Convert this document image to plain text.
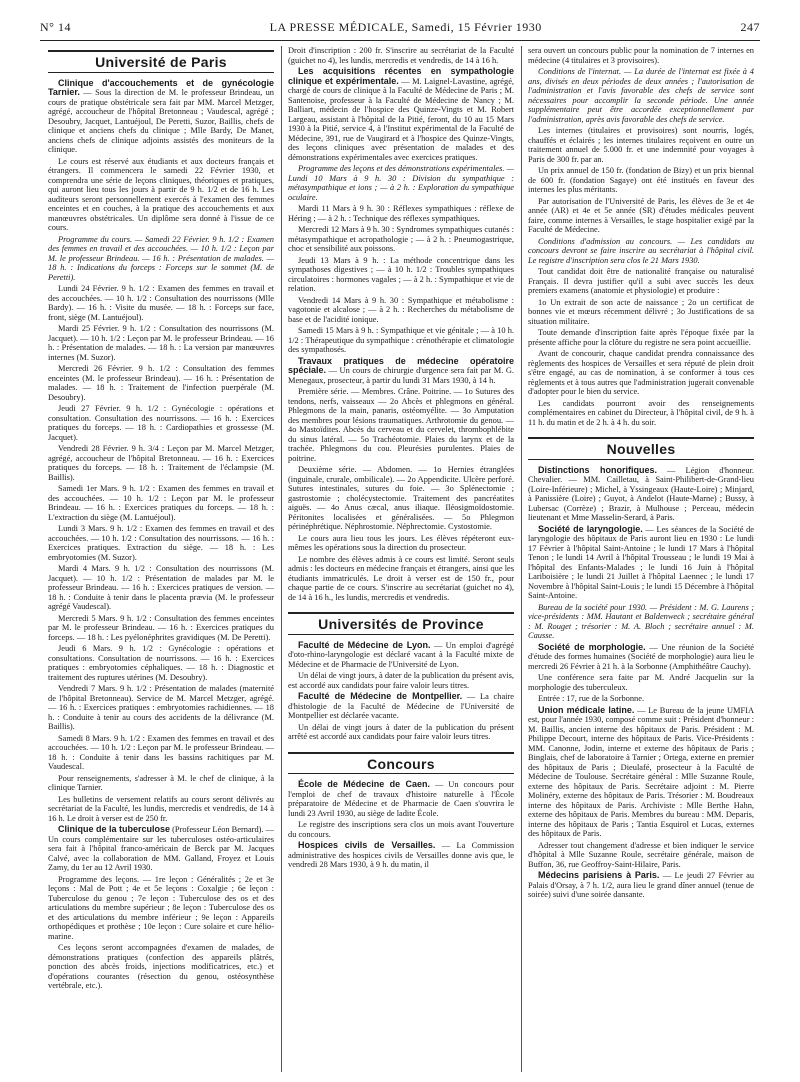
N° 14	LA PRESSE MÉDICALE, Samedi, 15 Février 1930	247
Université de Paris

Clinique d'accouchements et de gynécologie Tarnier. — Sous la direction de M. le professeur Brindeau, un cours de pratique obstétricale sera fait par MM. Marcel Metzger, agrégé, accoucheur de l'hôpital Bretonneau ; Vaudescal, agrégé ; Desoubry, Jacquet, Lantuéjoul, De Peretti, Suzor, Baillis, chefs de clinique et anciens chefs du clinique ; Mlle Bardy, De Manet, anciens chefs de clinique adjoints assistés des moniteurs de la clinique.

Le cours est réservé aux étudiants et aux docteurs français et étrangers. Il commencera le samedi 22 Février 1930, et comprendra une série de leçons cliniques, théoriques et pratiques, qui auront lieu tous les jours à partir de 9 h. 1/2 et de 16 h. Les auditeurs seront personnellement exercés à l'examen des femmes enceintes et en couches, à la pratique des accouchements et aux manœuvres obstétricales. Un diplôme sera donné à l'issue de ce cours.

Programme du cours. — Samedi 22 Février. 9 h. 1/2 : Examen des femmes en travail et des accouchées. — 10 h. 1/2 : Leçon par M. le professeur Brindeau. — 16 h. : Présentation de malades. — 18 h. : Indications du forceps : Forceps sur le sommet (M. de Peretti).

Lundi 24 Février. 9 h. 1/2 : Examen des femmes en travail et des accouchées. — 10 h. 1/2 : Consultation des nourrissons (Mlle Bardy). — 16 h. : Visite du musée. — 18 h. : Forceps sur face, front, siège (M. Lantuéjoul).

Mardi 25 Février. 9 h. 1/2 : Consultation des nourrissons (M. Jacquet). — 10 h. 1/2 : Leçon par M. le professeur Brindeau. — 16 h. : Présentation de malades. — 18 h. : La version par manœuvres internes (M. Suzor).

Mercredi 26 Février. 9 h. 1/2 : Consultation des femmes enceintes (M. le professeur Brindeau). — 16 h. : Présentation de malades. — 18 h. : Traitement de l'infection puerpérale (M. Desoubry).

Jeudi 27 Février. 9 h. 1/2 : Gynécologie : opérations et consultation. Consultation des nourrissons. — 16 h. : Exercices pratiques du forceps. — 18 h. : Cardiopathies et grossesse (M. Jacquet).

Vendredi 28 Février. 9 h. 3/4 : Leçon par M. Marcel Metzger, agrégé, accoucheur de l'hôpital Bretonneau. — 16 h. : Exercices pratiques du forceps. — 18 h. : Traitement de l'éclampsie (M. Baillis).

Samedi 1er Mars. 9 h. 1/2 : Examen des femmes en travail et des accouchées. — 10 h. 1/2 : Leçon par M. le professeur Brindeau. — 16 h. : Exercices pratiques du forceps. — 18 h. : L'extraction du siège (M. Lantuéjoul).

Lundi 3 Mars. 9 h. 1/2 : Examen des femmes en travail et des accouchées. — 10 h. 1/2 : Consultation des nourrissons. — 16 h. : Exercices pratiques. Extraction du siège. — 18 h. : Les embryotomies (M. Suzor).

Mardi 4 Mars. 9 h. 1/2 : Consultation des nourrissons (M. Jacquet). — 10 h. 1/2 : Présentation de malades par M. le professeur Brindeau. — 16 h. : Exercices pratiques de version. — 18 h. : Conduite à tenir dans le placenta prævia (M. le professeur agrégé Vaudescal).

Mercredi 5 Mars. 9 h. 1/2 : Consultation des femmes enceintes par M. le professeur Brindeau. — 16 h. : Exercices pratiques du forceps. — 18 h. : Les pyélonéphrites gravidiques (M. De Peretti).

Jeudi 6 Mars. 9 h. 1/2 : Gynécologie : opérations et consultations. Consultation de nourrissons. — 16 h. : Exercices pratiques : embryotomies céphaliques. — 18 h. : Diagnostic et traitement des ruptures utérines (M. Desoubry).

Vendredi 7 Mars. 9 h. 1/2 : Présentation de malades (maternité de l'hôpital Bretonneau). Service de M. Marcel Metzger, agrégé. — 16 h. : Exercices pratiques : embryotomies rachidiennes. — 18 h. : Conduite à tenir au cours des accidents de la délivrance (M. Baillis).

Samedi 8 Mars. 9 h. 1/2 : Examen des femmes en travail et des accouchées. — 10 h. 1/2 : Leçon par M. le professeur Brindeau. — 18 h. : Conduite à tenir dans les bassins rachitiques par M. Vaudescal.

Pour renseignements, s'adresser à M. le chef de clinique, à la clinique Tarnier.

Les bulletins de versement relatifs au cours seront délivrés au secrétariat de la Faculté, les lundis, mercredis et vendredis, de 14 à 16 h. Le droit à verser est de 250 fr.

Clinique de la tuberculose (Professeur Léon Bernard). — Un cours complémentaire sur les tuberculoses ostéo-articulaires sera fait à l'hôpital franco-américain de Berck par M. Jacques Calvé, avec la collaboration de MM. Galland, Froyez et Louis Zamy, du 1er au 12 Avril 1930.

Programme des leçons. — 1re leçon : Généralités ; 2e et 3e leçons : Mal de Pott ; 4e et 5e leçons : Coxalgie ; 6e leçon : Tuberculose du genou ; 7e leçon : Tuberculose des os et des articulations du membre supérieur ; 8e leçon : Tuberculose des os et des articulations du membre inférieur ; 9e leçon : Appareils orthopédiques et prothèse ; 10e leçon : Cure solaire et cure hélio-marine.

Ces leçons seront accompagnées d'examen de malades, de démonstrations pratiques (confection des appareils plâtrés, ponction des abcès froids, injections modificatrices, etc.) et d'opérations courantes (résection du genou, ostéosynthèse vertébrale, etc.).

Droit d'inscription : 200 fr. S'inscrire au secrétariat de la Faculté (guichet no 4), les lundis, mercredis et vendredis, de 14 à 16 h.

Les acquisitions récentes en sympathologie clinique et expérimentale. — M. Laignel-Lavastine, agrégé, chargé de cours de clinique à la Faculté de Médecine de Paris ; M. Santenoise, professeur à la Faculté de Médecine de Nancy ; M. Balliart, médecin de l'hospice des Quinze-Vingts et M. Robert Largeau, assistant à l'hôpital de la Pitié, feront, du 10 au 15 Mars 1930 à la Pitié, service 4, à l'Institut expérimental de la Faculté de Médecine, 391, rue de Vaugirard et à l'hospice des Quinze-Vingts, des leçons cliniques avec présentation de malades et des démonstrations expérimentales avec exercices pratiques.

Programme des leçons et des démonstrations expérimentales. — Lundi 10 Mars à 9 h. 30 : Division du sympathique : métasympathique et ions ; — à 2 h. : Exploration du sympathique oculaire.

Mardi 11 Mars à 9 h. 30 : Réflexes sympathiques : réflexe de Héring ; — à 2 h. : Technique des réflexes sympathiques.

Mercredi 12 Mars à 9 h. 30 : Syndromes sympathiques cutanés : métasympathique et acropathologie ; — à 2 h. : Pneumogastrique, choc et sensibilité aux poissons.

Jeudi 13 Mars à 9 h. : La méthode concentrique dans les sympathoses digestives ; — à 10 h. 1/2 : Troubles sympathiques circulatoires : hormones vagales ; — à 2 h. : Sympathique et vie de relation.

Vendredi 14 Mars à 9 h. 30 : Sympathique et métabolisme : vagotonie et alcalose ; — à 2 h. : Recherches du métabolisme de base et de l'acidité ionique.

Samedi 15 Mars à 9 h. : Sympathique et vie génitale ; — à 10 h. 1/2 : Thérapeutique du sympathique : crénothérapie et climatologie des sympathosés.

Travaux pratiques de médecine opératoire spéciale. — Un cours de chirurgie d'urgence sera fait par M. G. Menegaux, prosecteur, à partir du lundi 31 Mars 1930, à 14 h.

Première série. — Membres. Crâne. Poitrine. — 1o Sutures des tendons, nerfs, vaisseaux — 2o Abcès et phlegmons en général. Phlegmons de la main, panaris, ostéomyélite. — 3o Amputation des membres pour lésions traumatiques. Arthrotomie du genou. — 4o Mastoïdites. Abcès du cerveau et du cervelet, thrombophlébite du sinus latéral. — 5o Trachéotomie. Plaies du larynx et de la trachée. Phlegmons du cou. Pleurésies purulentes. Plaies de poitrine.

Deuxième série. — Abdomen. — 1o Hernies étranglées (inguinale, crurale, ombilicale). — 2o Appendicite. Ulcère perforé. Sutures intestinales, sutures du foie. — 3o Splénectomie ; gastrostomie ; cholécystectomie. Traitement des pancréatites aiguës. — 4o Anus cæcal, anus iliaque. Iléosigmoïdostomie. Péritonites localisées et généralisées. — 5o Phlegmon périnéphrétique. Néphrostomie. Néphrectomie. Cystostomie.

Le cours aura lieu tous les jours. Les élèves répéteront eux-mêmes les opérations sous la direction du prosecteur.

Le nombre des élèves admis à ce cours est limité. Seront seuls admis : les docteurs en médecine français et étrangers, ainsi que les étudiants immatriculés. Le droit à verser est de 150 fr., pour chaque partie de ce cours. S'inscrire au secrétariat (guichet no 4), de 14 à 16 h., les lundis, mercredis et vendredis.

Universités de Province

Faculté de Médecine de Lyon. — Un emploi d'agrégé d'oto-rhino-laryngologie est déclaré vacant à la Faculté mixte de Médecine et de Pharmacie de l'Université de Lyon.

Un délai de vingt jours, à dater de la publication du présent avis, est accordé aux candidats pour faire valoir leurs titres.

Faculté de Médecine de Montpellier. — La chaire d'histologie de la Faculté de Médecine de l'Université de Montpellier est déclarée vacante.

Un délai de vingt jours à dater de la publication du présent arrêté est accordé aux candidats pour faire valoir leurs titres.

Concours

École de Médecine de Caen. — Un concours pour l'emploi de chef de travaux d'histoire naturelle à l'École préparatoire de Médecine et de Pharmacie de Caen s'ouvrira le lundi 23 Avril 1930, au siège de ladite École.

Le registre des inscriptions sera clos un mois avant l'ouverture du concours.

Hospices civils de Versailles. — La Commission administrative des hospices civils de Versailles donne avis que, le vendredi 28 Mars 1930, à 9 h. du matin, il

sera ouvert un concours public pour la nomination de 7 internes en médecine (4 titulaires et 3 provisoires).

Conditions de l'internat. — La durée de l'internat est fixée à 4 ans, divisés en deux périodes de deux années ; l'autorisation de l'administration et l'avis favorable des chefs de service sont nécessaires pour accomplir la seconde période. Une année supplémentaire peut être accordée exceptionnellement par l'administration, après avis favorable des chefs de service.

Les internes (titulaires et provisoires) sont nourris, logés, chauffés et éclairés ; les internes titulaires reçoivent en outre un traitement annuel de 5.000 fr. et une indemnité pour voyages à Paris de 300 fr. par an.

Un prix annuel de 150 fr. (fondation de Bizy) et un prix biennal de 600 fr. (fondation Sagaye) ont été institués en faveur des internes les plus méritants.

Par autorisation de l'Université de Paris, les élèves de 3e et 4e année (AR) et 4e et 5e année (SR) d'études médicales peuvent faire, comme internes à Versailles, le stage hospitalier exigé par la Faculté de Médecine.

Conditions d'admission au concours. — Les candidats au concours devront se faire inscrire au secrétariat à l'hôpital civil. Le registre d'inscription sera clos le 21 Mars 1930.

Tout candidat doit être de nationalité française ou naturalisé Français. Il devra justifier qu'il a subi avec succès les deux premiers examens (anatomie et physiologie) et produire :

1o Un extrait de son acte de naissance ; 2o un certificat de bonnes vie et mœurs récemment délivré ; 3o Justifications de sa situation militaire.

Toute demande d'inscription faite après l'époque fixée par la présente affiche pour la clôture du registre ne sera point accueillie.

Avant de concourir, chaque candidat prendra connaissance des règlements des hospices de Versailles et sera réputé de plein droit s'être engagé, au cas de nomination, à se conformer à tous ces règlements et à tous autres que l'administration jugerait convenable d'adopter pour le bien du service.

Les candidats pourront avoir des renseignements complémentaires en cabinet du Directeur, à l'hôpital civil, de 9 h. à 11 h. du matin et de 2 h. à 4 h. du soir.

Nouvelles

Distinctions honorifiques. — Légion d'honneur. Chevalier. — MM. Cailletau, à Saint-Philibert-de-Grand-lieu (Loire-Inférieure) ; Michel, à Yssingeaux (Haute-Loire) ; Minjard, à Panissière (Loire) ; Guyot, à Andelot (Haute-Marne) ; Bussy, à Lubersac (Corrèze) ; Brazir, à Mulhouse ; Perceau, médecin lieutenant et Mme Masselin-Serard, à Paris.

Société de laryngologie. — Les séances de la Société de laryngologie des hôpitaux de Paris auront lieu en 1930 : Le lundi 17 Février à l'hôpital Saint-Antoine ; le lundi 17 Mars à l'hôpital Tenon ; le lundi 14 Avril à l'hôpital Trousseau ; le lundi 19 Mai à l'hôpital des Enfants-Malades ; le lundi 16 Juin à l'hôpital Lariboisière ; le lundi 21 Juillet à l'hôpital Laennec ; le lundi 17 Novembre à l'hôpital Saint-Louis ; le lundi 15 Décembre à l'hôpital Saint-Antoine.

Bureau de la société pour 1930. — Président : M. G. Laurens ; vice-présidents : MM. Hautant et Baldenweck ; secrétaire général : M. Rouget ; trésorier : M. A. Bloch ; secrétaire annuel : M. Causse.

Société de morphologie. — Une réunion de la Société d'étude des formes humaines (Société de morphologie) aura lieu le mercredi 26 Février à 21 h. à la Sorbonne (Amphithéâtre Cauchy).

Une conférence sera faite par M. André Jacquelin sur la morphologie des tuberculeux.

Entrée : 17, rue de la Sorbonne.

Union médicale latine. — Le Bureau de la jeune UMFIA est, pour l'année 1930, composé comme suit : Président d'honneur : M. Baillis, ancien interne des hôpitaux de Paris. Président : M. Philippe Decourt, interne des hôpitaux de Paris. Vice-Présidents : MM. Canonne, Jodin, interne et externe des hôpitaux de Paris ; Binglais, chef de laboratoire à Tarnier ; Ortega, externe en premier des hôpitaux de Paris ; Dieulafé, prosecteur à la Faculté de Médecine de Toulouse. Secrétaire général : Mlle Suzanne Roule, externe des hôpitaux de Paris. Secrétaire adjoint : M. Pierre Molinéry, externe des hôpitaux de Paris. Trésorier : M. Boudreaux interne des hôpitaux de Paris. Archiviste : Mlle Berthe Hahn, externe des hôpitaux de Paris. Membres du bureau : MM. Deparis, interne des hôpitaux de Paris ; Tantia Esquirol et Lucas, externes des hôpitaux de Paris.

Adresser tout changement d'adresse et bien indiquer le service d'hôpital à Mlle Suzanne Roule, secrétaire générale, maison de Buffon, 36, rue Geoffroy-Saint-Hilaire, Paris.

Médecins parisiens à Paris. — Le jeudi 27 Février au Palais d'Orsay, à 7 h. 1/2, aura lieu le grand dîner annuel (tenue de soirée) suivi d'une soirée dansante.
